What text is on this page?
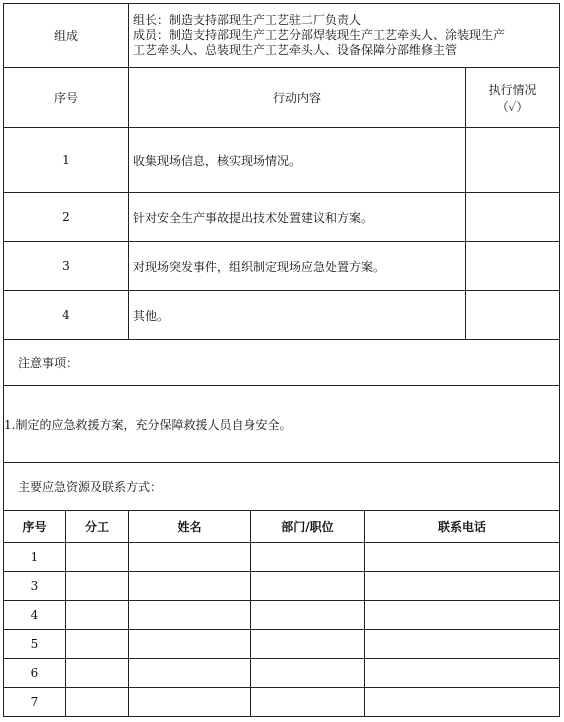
组成		组长：制造支持部现生产工艺驻二厂负责人
成员：制造支持部现生产工艺分部焊装现生产工艺牵头人、涂装现生产
工艺牵头人、总装现生产工艺牵头人、设备保障分部维修主管			

序号		行动内容			执行情况
（✓）

1		收集现场信息，核实现场情况。			
2		针对安全生产事故提出技术处置建议和方案。			
3		对现场突发事件，组织制定现场应急处置方案。			
4		其他。			
注意事项：					
1.制定的应急救援方案，充分保障救援人员自身安全。					
主要应急资源及联系方式：					
序号	分工	姓名	部门/职位	联系电话	
1					
3					
4					
5					
6					
7					
